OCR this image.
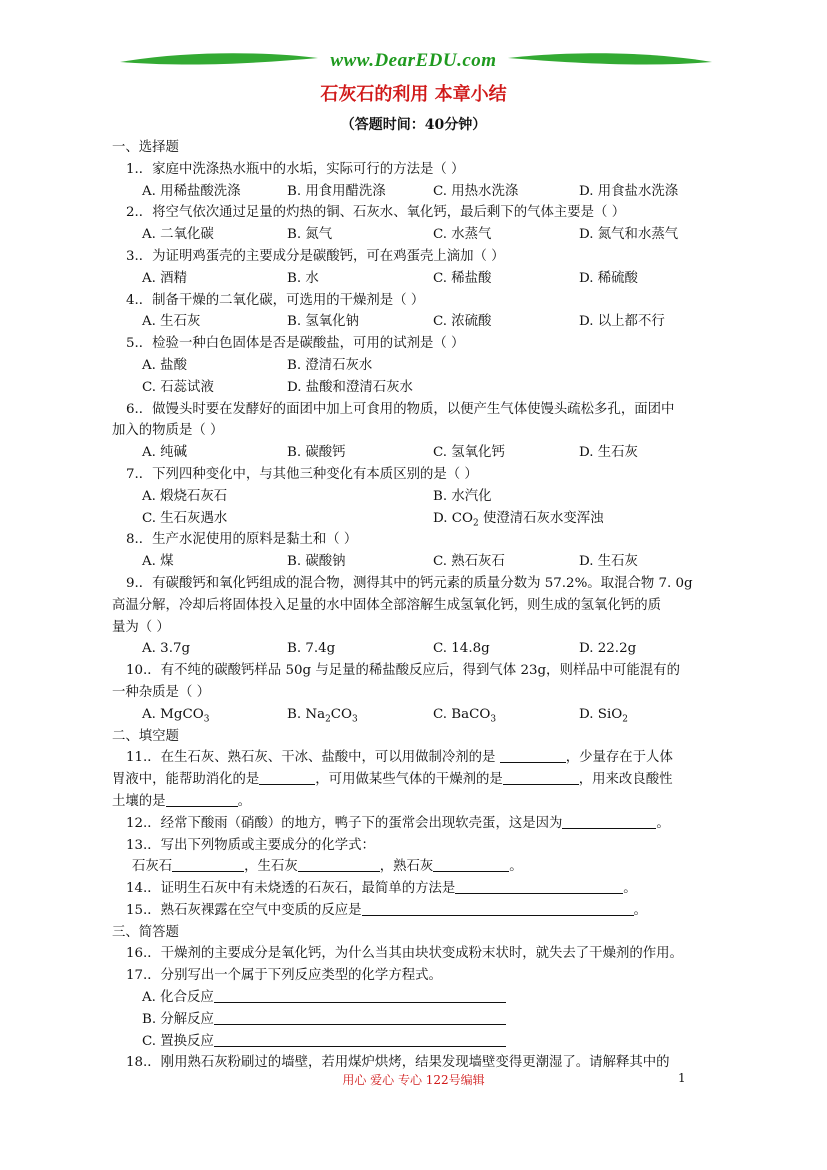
www.DearEDU.com
石灰石的利用 本章小结
（答题时间：40分钟）
一、选择题
1.．家庭中洗涤热水瓶中的水垢，实际可行的方法是（ ）
A. 用稀盐酸洗涤	B. 用食用醋洗涤	C. 用热水洗涤	D. 用食盐水洗涤
2.．将空气依次通过足量的灼热的铜、石灰水、氧化钙，最后剩下的气体主要是（ ）
A. 二氧化碳	B. 氮气	C. 水蒸气	D. 氮气和水蒸气
3.．为证明鸡蛋壳的主要成分是碳酸钙，可在鸡蛋壳上滴加（ ）
A. 酒精	B. 水	C. 稀盐酸	D. 稀硫酸
4.．制备干燥的二氧化碳，可选用的干燥剂是（ ）
A. 生石灰	B. 氢氧化钠	C. 浓硫酸	D. 以上都不行
5.．检验一种白色固体是否是碳酸盐，可用的试剂是（ ）
A. 盐酸	B. 澄清石灰水
C. 石蕊试液	D. 盐酸和澄清石灰水
6.．做馒头时要在发酵好的面团中加上可食用的物质，以便产生气体使馒头疏松多孔，面团中
加入的物质是（ ）
A. 纯碱	B. 碳酸钙	C. 氢氧化钙	D. 生石灰
7.．下列四种变化中，与其他三种变化有本质区别的是（ ）
A. 煅烧石灰石	B. 水汽化
C. 生石灰遇水	D. $CO_2$ 使澄清石灰水变浑浊
8.．生产水泥使用的原料是黏土和（ ）
A. 煤	B. 碳酸钠	C. 熟石灰石	D. 生石灰
9.．有碳酸钙和氧化钙组成的混合物，测得其中的钙元素的质量分数为 57.2%。取混合物 7. 0g
高温分解，冷却后将固体投入足量的水中固体全部溶解生成氢氧化钙，则生成的氢氧化钙的质
量为（ ）
A. 3.7g	B. 7.4g	C. 14.8g	D. 22.2g
10.．有不纯的碳酸钙样品 50g 与足量的稀盐酸反应后，得到气体 23g，则样品中可能混有的
一种杂质是（ ）
A. MgCO$_3$	B. $Na_2CO_3$	C. BaCO$_3$	D. SiO$_2$
二、填空题
11.．在生石灰、熟石灰、干冰、盐酸中，可以用做制冷剂的是	，少量存在于人体
胃液中，能帮助消化的是	，可用做某些气体的干燥剂的是	，用来改良酸性
土壤的是	。
12.．经常下酸雨（硝酸）的地方，鸭子下的蛋常会出现软壳蛋，这是因为	。
13.．写出下列物质或主要成分的化学式：
石灰石	，生石灰	，熟石灰	。
14.．证明生石灰中有未烧透的石灰石，最简单的方法是	。
15.．熟石灰裸露在空气中变质的反应是	。
三、简答题
16.．干燥剂的主要成分是氧化钙，为什么当其由块状变成粉末状时，就失去了干燥剂的作用。
17.．分别写出一个属于下列反应类型的化学方程式。
A. 化合反应
B. 分解反应
C. 置换反应
18.．刚用熟石灰粉刷过的墙壁，若用煤炉烘烤，结果发现墙壁变得更潮湿了。请解释其中的
用心 爱心 专心 122号编辑	1
